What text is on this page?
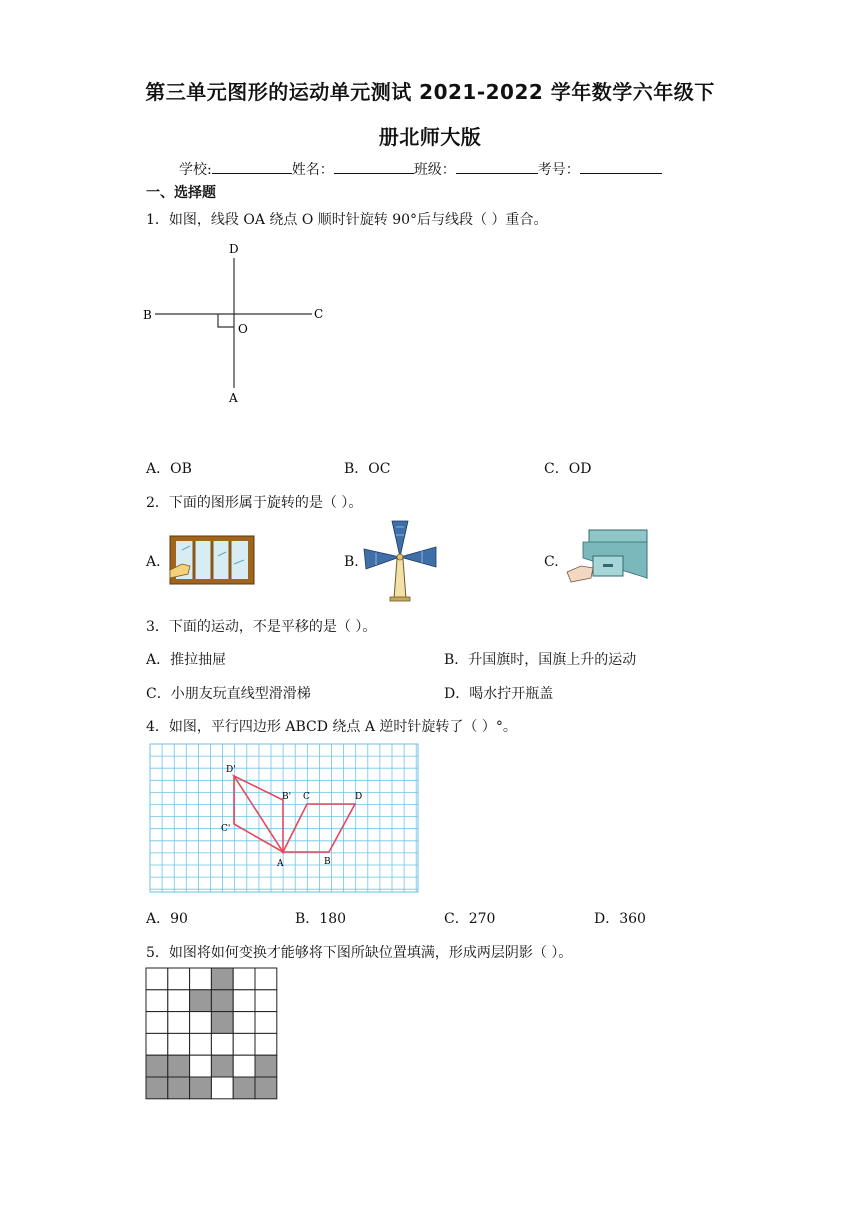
第三单元图形的运动单元测试 2021-2022 学年数学六年级下
册北师大版
学校:	姓名：	班级：	考号：
一、选择题
1．如图，线段 OA 绕点 O 顺时针旋转 90°后与线段（ ）重合。
D
B	C
O
A
A．OB	B．OC	C．OD
2．下面的图形属于旋转的是（ ）。
A.	B.	C.
3．下面的运动，不是平移的是（ ）。
A．推拉抽屉	B．升国旗时，国旗上升的运动
C．小朋友玩直线型滑滑梯	D．喝水拧开瓶盖
4．如图，平行四边形 ABCD 绕点 A 逆时针旋转了（ ）°。
D'
B' C	D
C'
A	B
A．90	B．180	C．270	D．360
5．如图将如何变换才能够将下图所缺位置填满，形成两层阴影（ ）。
